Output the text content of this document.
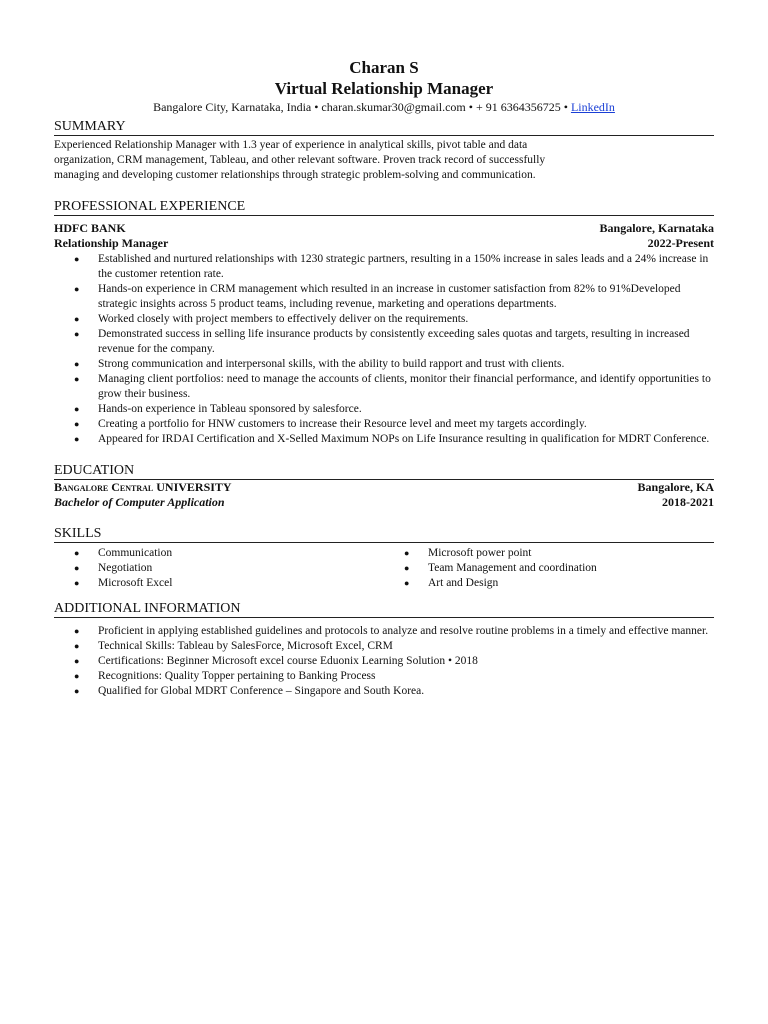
Charan S
Virtual Relationship Manager
Bangalore City, Karnataka, India • charan.skumar30@gmail.com • + 91 6364356725 • LinkedIn
SUMMARY
Experienced Relationship Manager with 1.3 year of experience in analytical skills, pivot table and data organization, CRM management, Tableau, and other relevant software. Proven track record of successfully managing and developing customer relationships through strategic problem-solving and communication.
PROFESSIONAL EXPERIENCE
HDFC BANK	Bangalore, Karnataka
Relationship Manager	2022-Present
● Established and nurtured relationships with 1230 strategic partners, resulting in a 150% increase in sales leads and a 24% increase in the customer retention rate.
● Hands-on experience in CRM management which resulted in an increase in customer satisfaction from 82% to 91%Developed strategic insights across 5 product teams, including revenue, marketing and operations departments.
● Worked closely with project members to effectively deliver on the requirements.
● Demonstrated success in selling life insurance products by consistently exceeding sales quotas and targets, resulting in increased revenue for the company.
● Strong communication and interpersonal skills, with the ability to build rapport and trust with clients.
● Managing client portfolios: need to manage the accounts of clients, monitor their financial performance, and identify opportunities to grow their business.
● Hands-on experience in Tableau sponsored by salesforce.
● Creating a portfolio for HNW customers to increase their Resource level and meet my targets accordingly.
● Appeared for IRDAI Certification and X-Selled Maximum NOPs on Life Insurance resulting in qualification for MDRT Conference.
EDUCATION
Bangalore Central UNIVERSITY	Bangalore, KA
Bachelor of Computer Application	2018-2021
SKILLS
● Communication
● Negotiation
● Microsoft Excel
● Microsoft power point
● Team Management and coordination
● Art and Design
ADDITIONAL INFORMATION
● Proficient in applying established guidelines and protocols to analyze and resolve routine problems in a timely and effective manner.
● Technical Skills: Tableau by SalesForce, Microsoft Excel, CRM
● Certifications: Beginner Microsoft excel course Eduonix Learning Solution • 2018
● Recognitions: Quality Topper pertaining to Banking Process
● Qualified for Global MDRT Conference – Singapore and South Korea.
